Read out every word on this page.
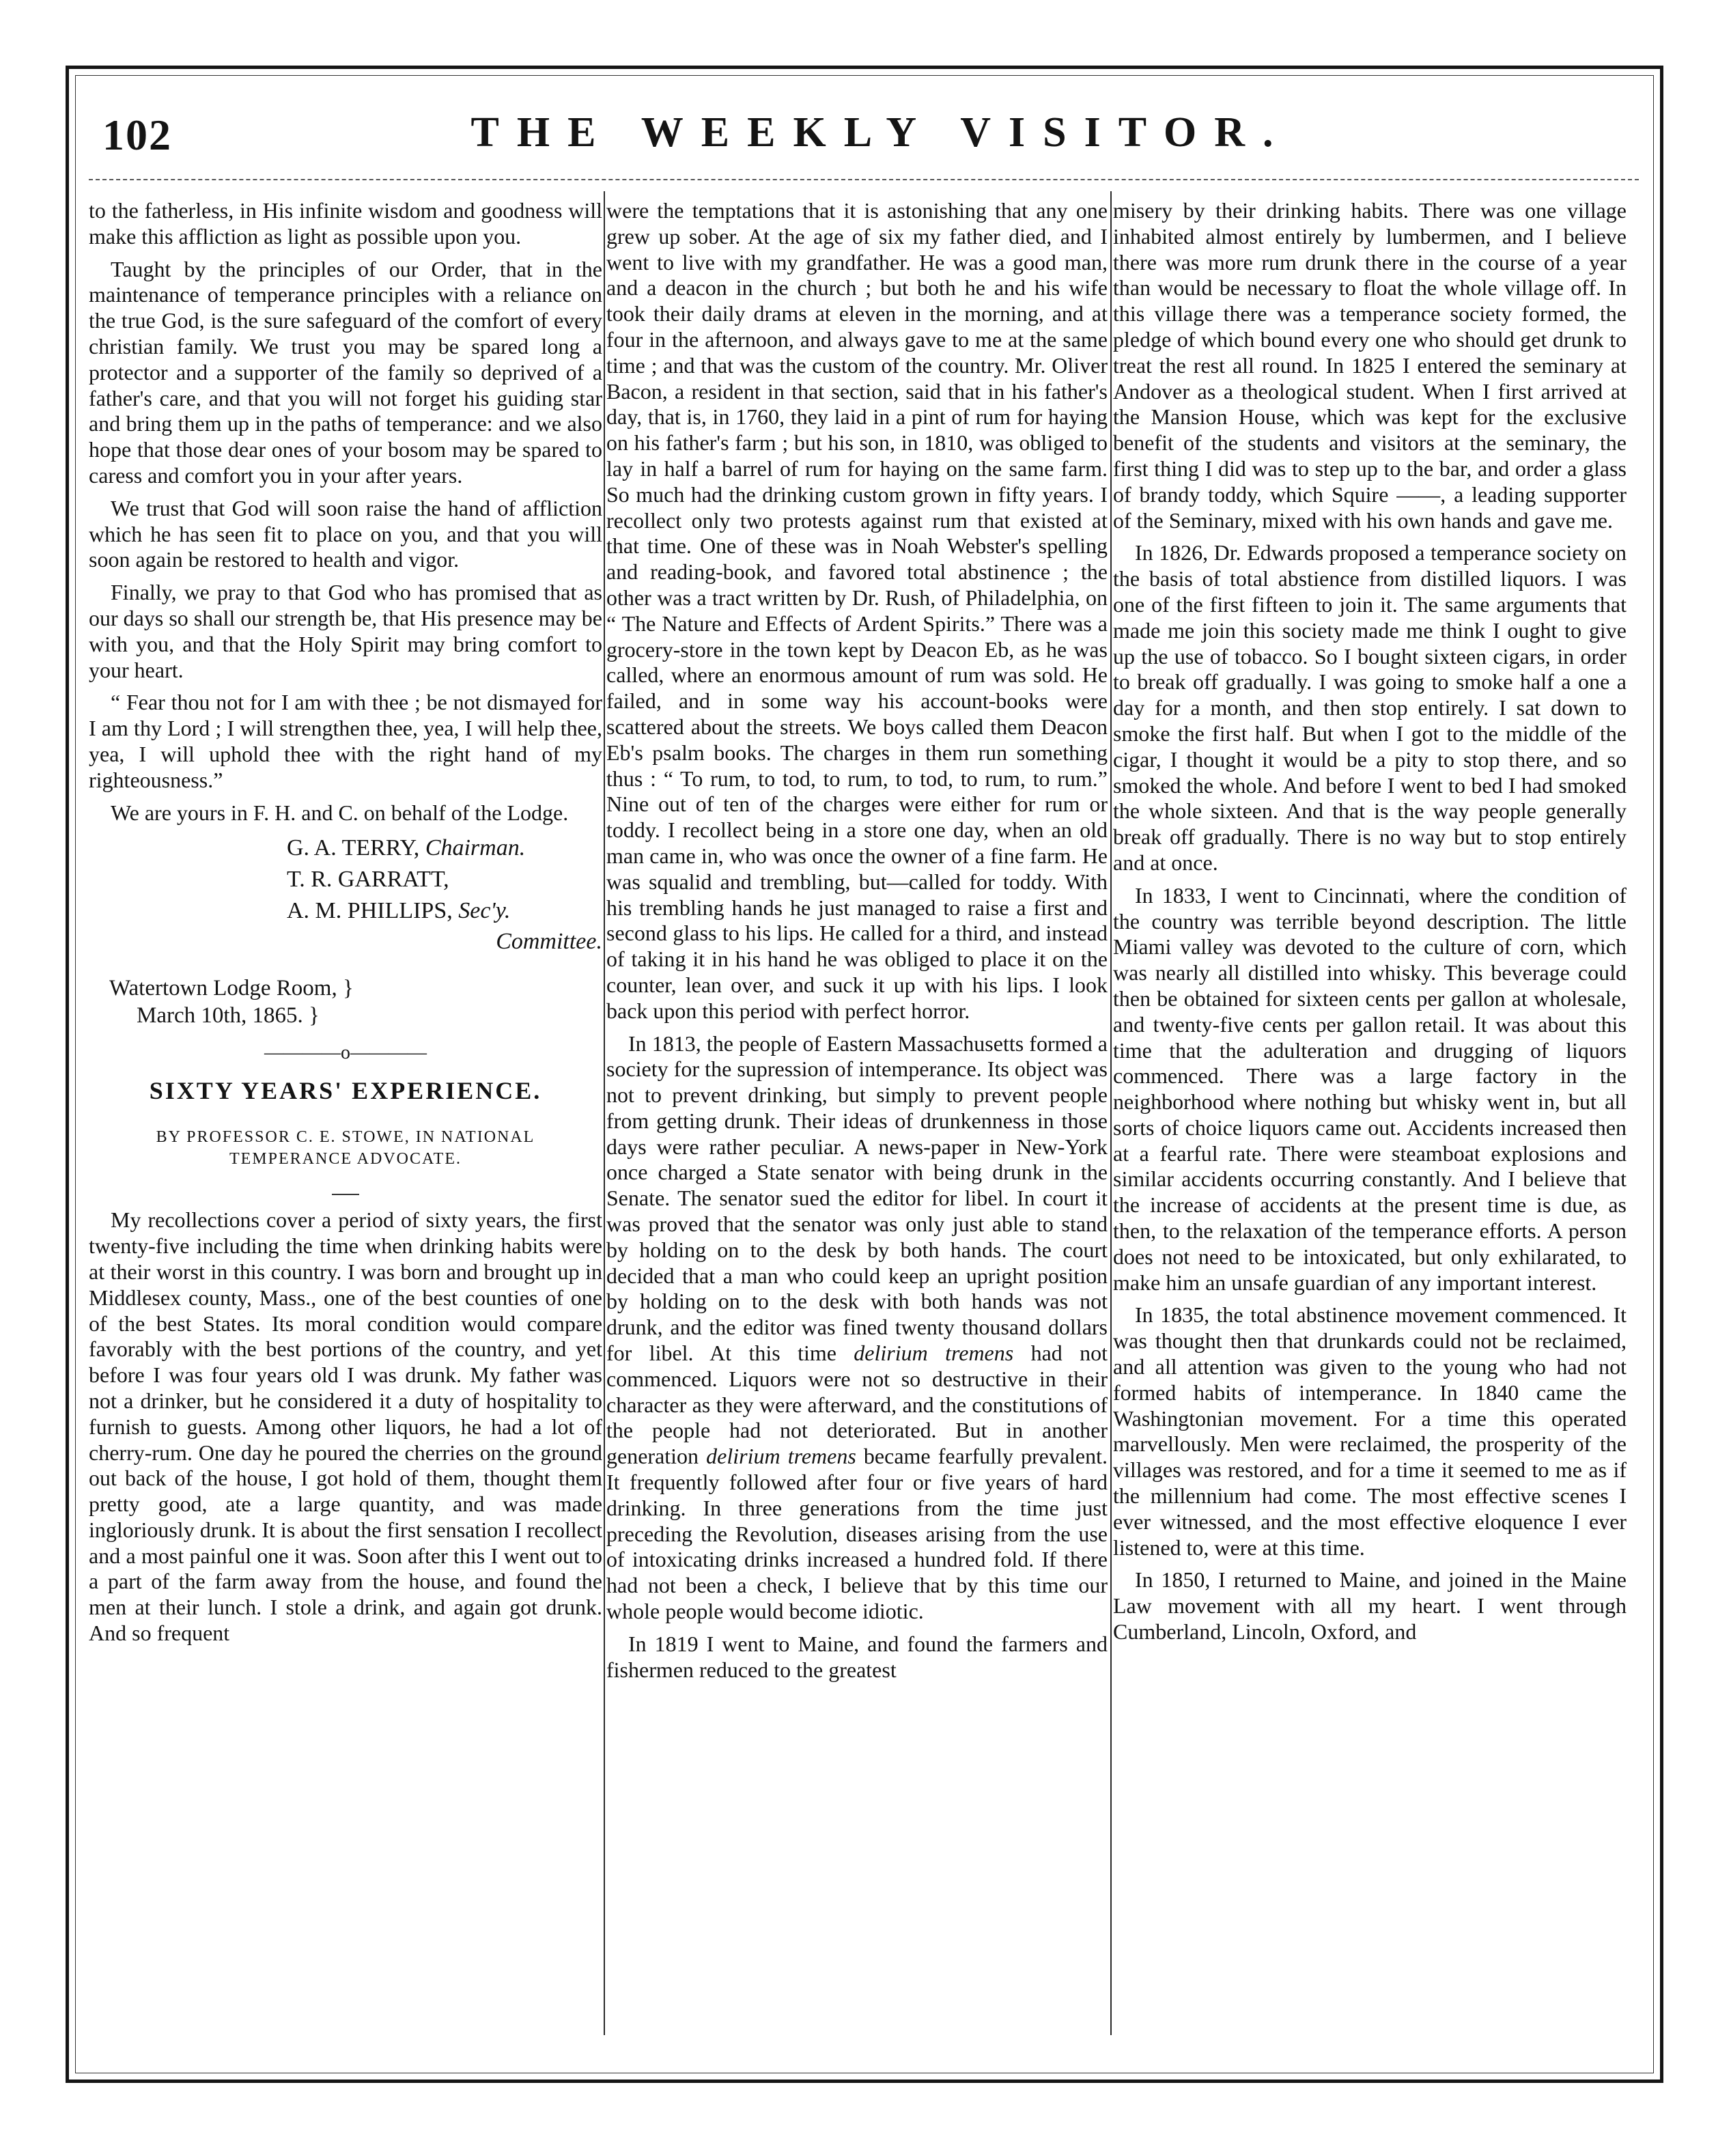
102	THE WEEKLY VISITOR.

to the fatherless, in His infinite wisdom and goodness will make this affliction as light as possible upon you.

Taught by the principles of our Order, that in the maintenance of temperance principles with a reliance on the true God, is the sure safeguard of the comfort of every christian family. We trust you may be spared long a protector and a supporter of the family so deprived of a father's care, and that you will not forget his guiding star and bring them up in the paths of temperance: and we also hope that those dear ones of your bosom may be spared to caress and comfort you in your after years.

We trust that God will soon raise the hand of affliction which he has seen fit to place on you, and that you will soon again be restored to health and vigor.

Finally, we pray to that God who has promised that as our days so shall our strength be, that His presence may be with you, and that the Holy Spirit may bring comfort to your heart.

“ Fear thou not for I am with thee ; be not dismayed for I am thy Lord ; I will strengthen thee, yea, I will help thee, yea, I will uphold thee with the right hand of my righteousness.”

We are yours in F. H. and C. on behalf of the Lodge.

G. A. TERRY, Chairman.

T. R. GARRATT,

A. M. PHILLIPS, Sec'y.

Committee.

Watertown Lodge Room, }

March 10th, 1865. }

————o————

SIXTY YEARS' EXPERIENCE.

BY PROFESSOR C. E. STOWE, IN NATIONAL

TEMPERANCE ADVOCATE.

My recollections cover a period of sixty years, the first twenty-five including the time when drinking habits were at their worst in this country. I was born and brought up in Middlesex county, Mass., one of the best counties of one of the best States. Its moral condition would compare favorably with the best portions of the country, and yet before I was four years old I was drunk. My father was not a drinker, but he considered it a duty of hospitality to furnish to guests. Among other liquors, he had a lot of cherry-rum. One day he poured the cherries on the ground out back of the house, I got hold of them, thought them pretty good, ate a large quantity, and was made ingloriously drunk. It is about the first sensation I recollect and a most painful one it was. Soon after this I went out to a part of the farm away from the house, and found the men at their lunch. I stole a drink, and again got drunk. And so frequent

were the temptations that it is astonishing that any one grew up sober. At the age of six my father died, and I went to live with my grandfather. He was a good man, and a deacon in the church ; but both he and his wife took their daily drams at eleven in the morning, and at four in the afternoon, and always gave to me at the same time ; and that was the custom of the country. Mr. Oliver Bacon, a resident in that section, said that in his father's day, that is, in 1760, they laid in a pint of rum for haying on his father's farm ; but his son, in 1810, was obliged to lay in half a barrel of rum for haying on the same farm. So much had the drinking custom grown in fifty years. I recollect only two protests against rum that existed at that time. One of these was in Noah Webster's spelling and reading-book, and favored total abstinence ; the other was a tract written by Dr. Rush, of Philadelphia, on “ The Nature and Effects of Ardent Spirits.” There was a grocery-store in the town kept by Deacon Eb, as he was called, where an enormous amount of rum was sold. He failed, and in some way his account-books were scattered about the streets. We boys called them Deacon Eb's psalm books. The charges in them run something thus : “ To rum, to tod, to rum, to tod, to rum, to rum.” Nine out of ten of the charges were either for rum or toddy. I recollect being in a store one day, when an old man came in, who was once the owner of a fine farm. He was squalid and trembling, but—called for toddy. With his trembling hands he just managed to raise a first and second glass to his lips. He called for a third, and instead of taking it in his hand he was obliged to place it on the counter, lean over, and suck it up with his lips. I look back upon this period with perfect horror.

In 1813, the people of Eastern Massachusetts formed a society for the supression of intemperance. Its object was not to prevent drinking, but simply to prevent people from getting drunk. Their ideas of drunkenness in those days were rather peculiar. A news-paper in New-York once charged a State senator with being drunk in the Senate. The senator sued the editor for libel. In court it was proved that the senator was only just able to stand by holding on to the desk by both hands. The court decided that a man who could keep an upright position by holding on to the desk with both hands was not drunk, and the editor was fined twenty thousand dollars for libel. At this time delirium tremens had not commenced. Liquors were not so destructive in their character as they were afterward, and the constitutions of the people had not deteriorated. But in another generation delirium tremens became fearfully prevalent. It frequently followed after four or five years of hard drinking. In three generations from the time just preceding the Revolution, diseases arising from the use of intoxicating drinks increased a hundred fold. If there had not been a check, I believe that by this time our whole people would become idiotic.

In 1819 I went to Maine, and found the farmers and fishermen reduced to the greatest

misery by their drinking habits. There was one village inhabited almost entirely by lumbermen, and I believe there was more rum drunk there in the course of a year than would be necessary to float the whole village off. In this village there was a temperance society formed, the pledge of which bound every one who should get drunk to treat the rest all round. In 1825 I entered the seminary at Andover as a theological student. When I first arrived at the Mansion House, which was kept for the exclusive benefit of the students and visitors at the seminary, the first thing I did was to step up to the bar, and order a glass of brandy toddy, which Squire ——, a leading supporter of the Seminary, mixed with his own hands and gave me.

In 1826, Dr. Edwards proposed a temperance society on the basis of total abstience from distilled liquors. I was one of the first fifteen to join it. The same arguments that made me join this society made me think I ought to give up the use of tobacco. So I bought sixteen cigars, in order to break off gradually. I was going to smoke half a one a day for a month, and then stop entirely. I sat down to smoke the first half. But when I got to the middle of the cigar, I thought it would be a pity to stop there, and so smoked the whole. And before I went to bed I had smoked the whole sixteen. And that is the way people generally break off gradually. There is no way but to stop entirely and at once.

In 1833, I went to Cincinnati, where the condition of the country was terrible beyond description. The little Miami valley was devoted to the culture of corn, which was nearly all distilled into whisky. This beverage could then be obtained for sixteen cents per gallon at wholesale, and twenty-five cents per gallon retail. It was about this time that the adulteration and drugging of liquors commenced. There was a large factory in the neighborhood where nothing but whisky went in, but all sorts of choice liquors came out. Accidents increased then at a fearful rate. There were steamboat explosions and similar accidents occurring constantly. And I believe that the increase of accidents at the present time is due, as then, to the relaxation of the temperance efforts. A person does not need to be intoxicated, but only exhilarated, to make him an unsafe guardian of any important interest.

In 1835, the total abstinence movement commenced. It was thought then that drunkards could not be reclaimed, and all attention was given to the young who had not formed habits of intemperance. In 1840 came the Washingtonian movement. For a time this operated marvellously. Men were reclaimed, the prosperity of the villages was restored, and for a time it seemed to me as if the millennium had come. The most effective scenes I ever witnessed, and the most effective eloquence I ever listened to, were at this time.

In 1850, I returned to Maine, and joined in the Maine Law movement with all my heart. I went through Cumberland, Lincoln, Oxford, and
